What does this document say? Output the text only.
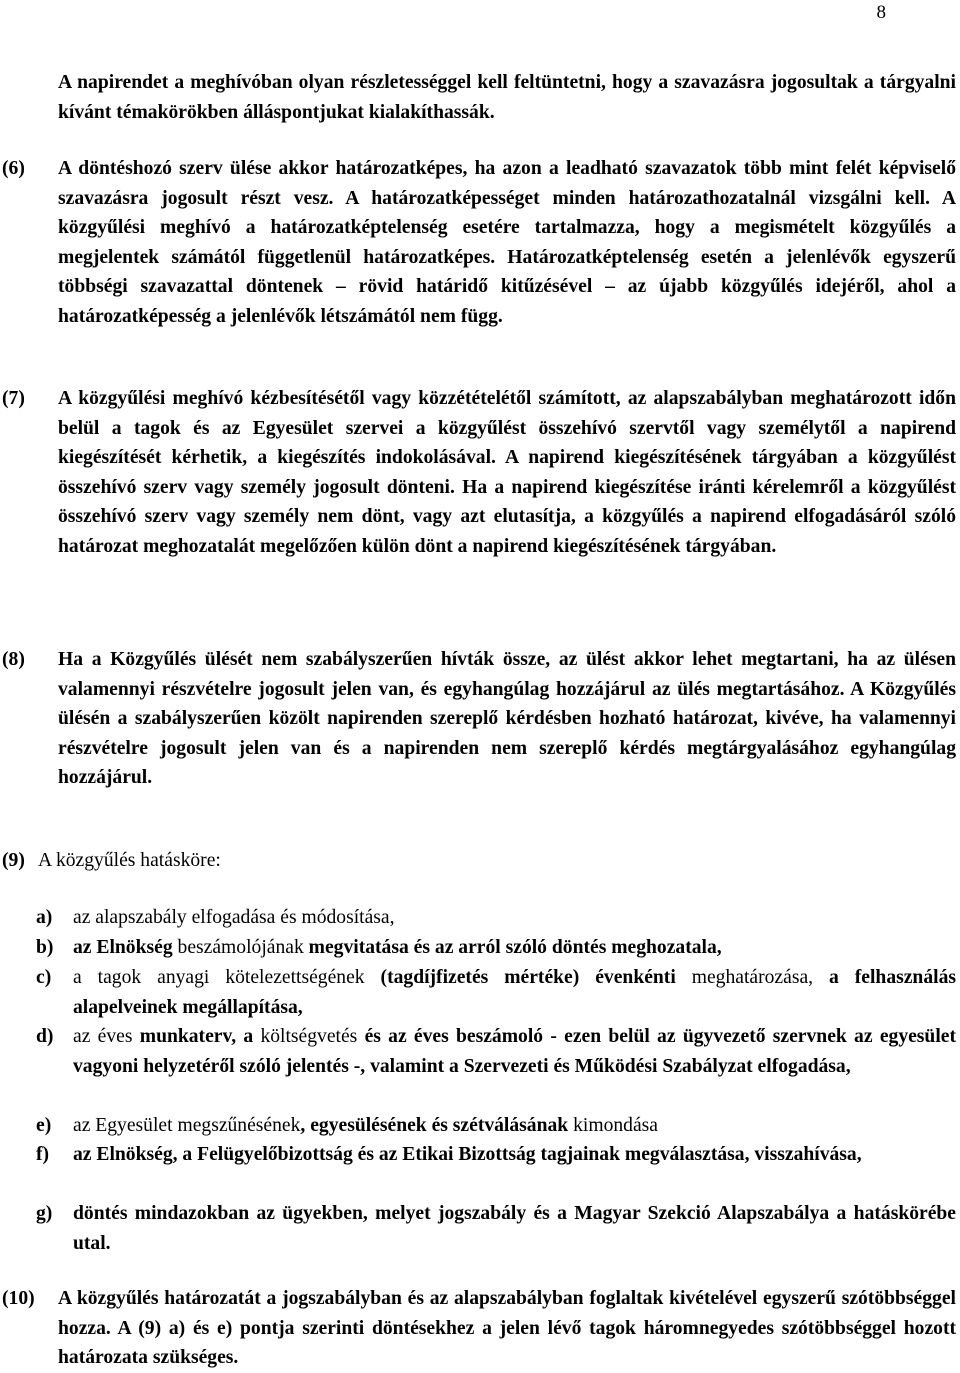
8
A napirendet a meghívóban olyan részletességgel kell feltüntetni, hogy a szavazásra jogosultak a tárgyalni kívánt témakörökben álláspontjukat kialakíthassák.
(6) A döntéshozó szerv ülése akkor határozatképes, ha azon a leadható szavazatok több mint felét képviselő szavazásra jogosult részt vesz. A határozatképességet minden határozathozatalnál vizsgálni kell. A közgyűlési meghívó a határozatképtelenség esetére tartalmazza, hogy a megismételt közgyűlés a megjelentek számától függetlenül határozatképes. Határozatképtelenség esetén a jelenlévők egyszerű többségi szavazattal döntenek – rövid határidő kitűzésével – az újabb közgyűlés idejéről, ahol a határozatképesség a jelenlévők létszámától nem függ.
(7) A közgyűlési meghívó kézbesítésétől vagy közzétételétől számított, az alapszabályban meghatározott időn belül a tagok és az Egyesület szervei a közgyűlést összehívó szervtől vagy személytől a napirend kiegészítését kérhetik, a kiegészítés indokolásával. A napirend kiegészítésének tárgyában a közgyűlést összehívó szerv vagy személy jogosult dönteni. Ha a napirend kiegészítése iránti kérelemről a közgyűlést összehívó szerv vagy személy nem dönt, vagy azt elutasítja, a közgyűlés a napirend elfogadásáról szóló határozat meghozatalát megelőzően külön dönt a napirend kiegészítésének tárgyában.
(8) Ha a Közgyűlés ülését nem szabályszerűen hívták össze, az ülést akkor lehet megtartani, ha az ülésen valamennyi részvételre jogosult jelen van, és egyhangúlag hozzájárul az ülés megtartásához. A Közgyűlés ülésén a szabályszerűen közölt napirenden szereplő kérdésben hozható határozat, kivéve, ha valamennyi részvételre jogosult jelen van és a napirenden nem szereplő kérdés megtárgyalásához egyhangúlag hozzájárul.
(9) A közgyűlés hatásköre:
a) az alapszabály elfogadása és módosítása,
b) az Elnökség beszámolójának megvitatása és az arról szóló döntés meghozatala,
c) a tagok anyagi kötelezettségének (tagdíjfizetés mértéke) évenkénti meghatározása, a felhasználás alapelveinek megállapítása,
d) az éves munkaterv, a költségvetés és az éves beszámoló - ezen belül az ügyvezető szervnek az egyesület vagyoni helyzetéről szóló jelentés -, valamint a Szervezeti és Működési Szabályzat elfogadása,
e) az Egyesület megszűnésének, egyesülésének és szétválásának kimondása
f) az Elnökség, a Felügyelőbizottság és az Etikai Bizottság tagjainak megválasztása, visszahívása,
g) döntés mindazokban az ügyekben, melyet jogszabály és a Magyar Szekció Alapszabálya a hatáskörébe utal.
(10) A közgyűlés határozatát a jogszabályban és az alapszabályban foglaltak kivételével egyszerű szótöbbséggel hozza. A (9) a) és e) pontja szerinti döntésekhez a jelen lévő tagok háromnegyedes szótöbbséggel hozott határozata szükséges.
